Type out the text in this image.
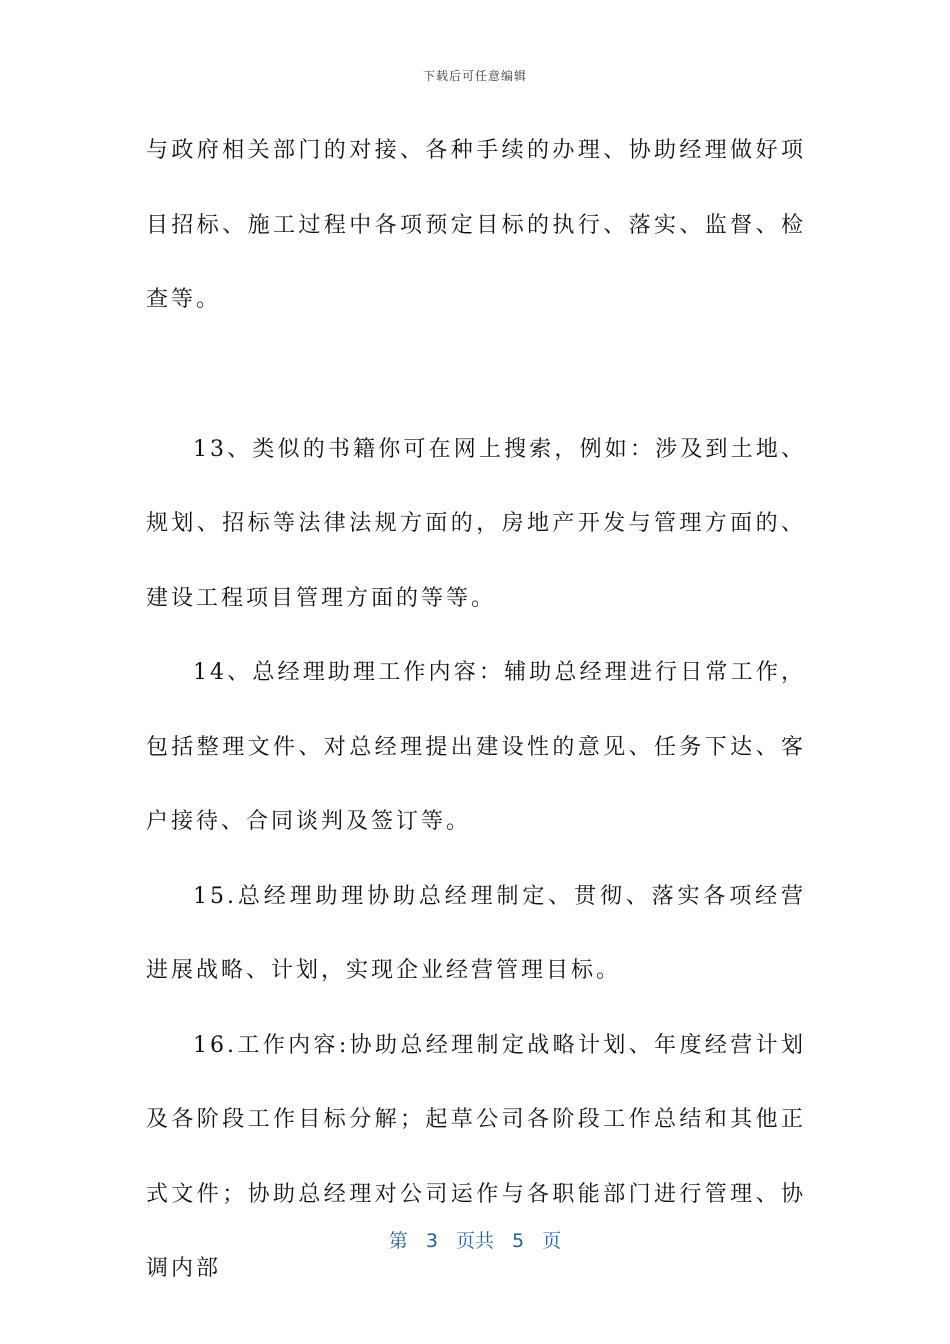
下载后可任意编辑

与政府相关部门的对接、各种手续的办理、协助经理做好项目招标、施工过程中各项预定目标的执行、落实、监督、检查等。

13、类似的书籍你可在网上搜索，例如：涉及到土地、规划、招标等法律法规方面的，房地产开发与管理方面的、建设工程项目管理方面的等等。

14、总经理助理工作内容：辅助总经理进行日常工作，包括整理文件、对总经理提出建设性的意见、任务下达、客户接待、合同谈判及签订等。

15.总经理助理协助总经理制定、贯彻、落实各项经营进展战略、计划，实现企业经营管理目标。

16.工作内容:协助总经理制定战略计划、年度经营计划及各阶段工作目标分解；起草公司各阶段工作总结和其他正式文件；协助总经理对公司运作与各职能部门进行管理、协调内部

第 3 页共 5 页
